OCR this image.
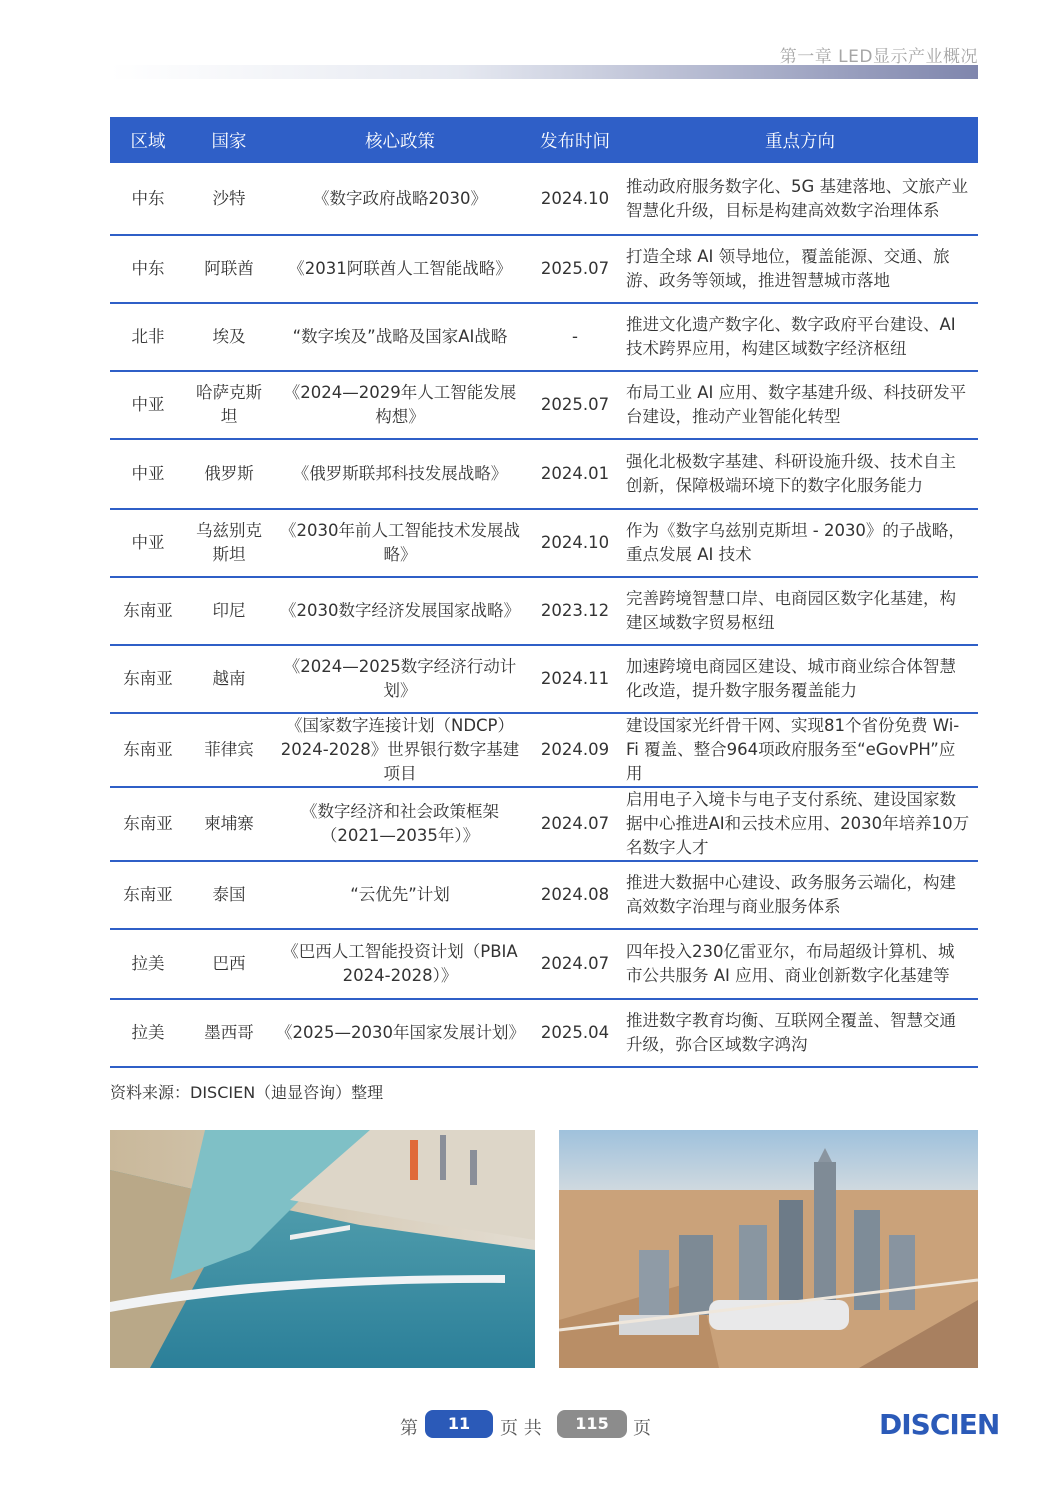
第一章 LED显示产业概况
区域	国家	核心政策	发布时间	重点方向
中东	沙特	《数字政府战略2030》	2024.10	推动政府服务数字化、5G 基建落地、文旅产业智慧化升级，目标是构建高效数字治理体系
中东	阿联酋	《2031阿联酋人工智能战略》	2025.07	打造全球 AI 领导地位，覆盖能源、交通、旅游、政务等领域，推进智慧城市落地
北非	埃及	“数字埃及”战略及国家AI战略	-	推进文化遗产数字化、数字政府平台建设、AI 技术跨界应用，构建区域数字经济枢纽
中亚	哈萨克斯坦	《2024—2029年人工智能发展构想》	2025.07	布局工业 AI 应用、数字基建升级、科技研发平台建设，推动产业智能化转型
中亚	俄罗斯	《俄罗斯联邦科技发展战略》	2024.01	强化北极数字基建、科研设施升级、技术自主创新，保障极端环境下的数字化服务能力
中亚	乌兹别克斯坦	《2030年前人工智能技术发展战略》	2024.10	作为《数字乌兹别克斯坦 - 2030》的子战略，重点发展 AI 技术
东南亚	印尼	《2030数字经济发展国家战略》	2023.12	完善跨境智慧口岸、电商园区数字化基建，构建区域数字贸易枢纽
东南亚	越南	《2024—2025数字经济行动计划》	2024.11	加速跨境电商园区建设、城市商业综合体智慧化改造，提升数字服务覆盖能力
东南亚	菲律宾	《国家数字连接计划（NDCP）2024-2028》世界银行数字基建项目	2024.09	建设国家光纤骨干网、实现81个省份免费 Wi-Fi 覆盖、整合964项政府服务至“eGovPH”应用
东南亚	柬埔寨	《数字经济和社会政策框架（2021—2035年）》	2024.07	启用电子入境卡与电子支付系统、建设国家数据中心推进AI和云技术应用、2030年培养10万名数字人才
东南亚	泰国	“云优先”计划	2024.08	推进大数据中心建设、政务服务云端化，构建高效数字治理与商业服务体系
拉美	巴西	《巴西人工智能投资计划（PBIA 2024-2028）》	2024.07	四年投入230亿雷亚尔，布局超级计算机、城市公共服务 AI 应用、商业创新数字化基建等
拉美	墨西哥	《2025—2030年国家发展计划》	2025.04	推进数字教育均衡、互联网全覆盖、智慧交通升级，弥合区域数字鸿沟
资料来源：DISCIEN（迪显咨询）整理
第	11	页 共	115	页	DISCIEN
